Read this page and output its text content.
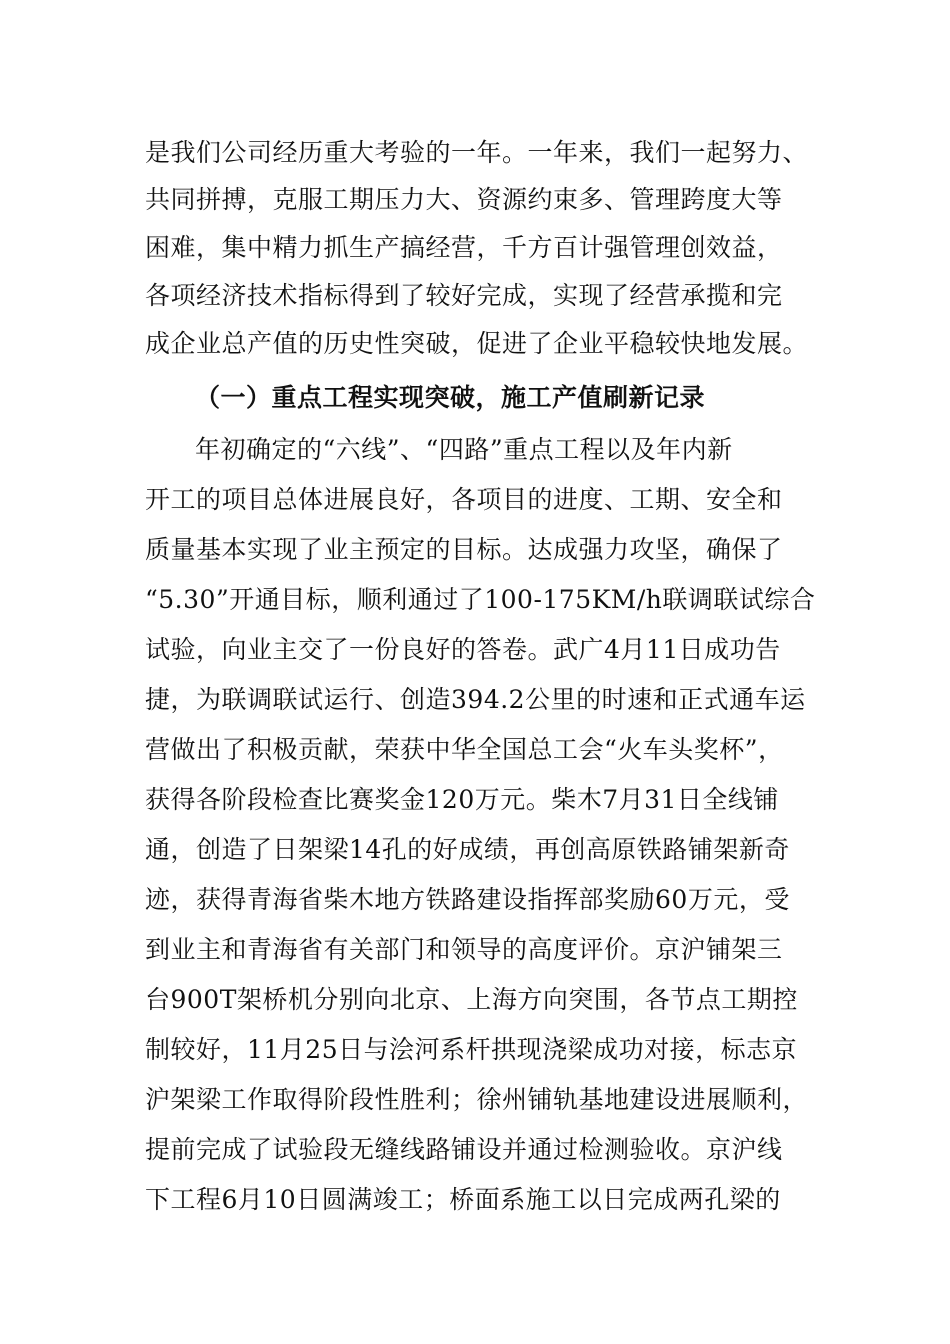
是我们公司经历重大考验的一年。一年来，我们一起努力、
共同拼搏，克服工期压力大、资源约束多、管理跨度大等
困难，集中精力抓生产搞经营，千方百计强管理创效益，
各项经济技术指标得到了较好完成，实现了经营承揽和完
成企业总产值的历史性突破，促进了企业平稳较快地发展。
（一）重点工程实现突破，施工产值刷新记录
年初确定的“六线”、“四路”重点工程以及年内新
开工的项目总体进展良好，各项目的进度、工期、安全和
质量基本实现了业主预定的目标。达成强力攻坚，确保了
“5.30”开通目标，顺利通过了100-175KM/h联调联试综合
试验，向业主交了一份良好的答卷。武广4月11日成功告
捷，为联调联试运行、创造394.2公里的时速和正式通车运
营做出了积极贡献，荣获中华全国总工会“火车头奖杯”，
获得各阶段检查比赛奖金120万元。柴木7月31日全线铺
通，创造了日架梁14孔的好成绩，再创高原铁路铺架新奇
迹，获得青海省柴木地方铁路建设指挥部奖励60万元，受
到业主和青海省有关部门和领导的高度评价。京沪铺架三
台900T架桥机分别向北京、上海方向突围，各节点工期控
制较好，11月25日与浍河系杆拱现浇梁成功对接，标志京
沪架梁工作取得阶段性胜利；徐州铺轨基地建设进展顺利，
提前完成了试验段无缝线路铺设并通过检测验收。京沪线
下工程6月10日圆满竣工；桥面系施工以日完成两孔梁的
